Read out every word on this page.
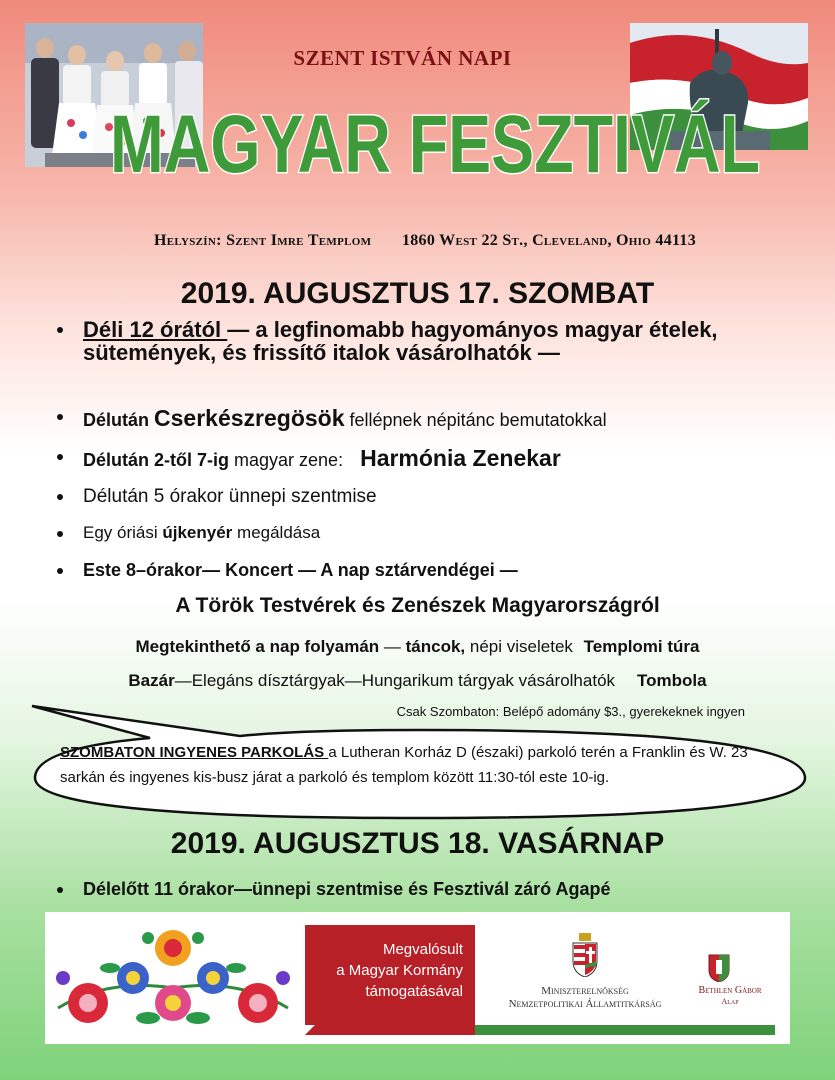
SZENT ISTVÁN NAPI
MAGYAR FESZTIVÁL
Helyszín: Szent Imre Templom 1860 West 22 St., Cleveland, Ohio 44113
2019. AUGUSZTUS 17. SZOMBAT
Déli 12 órától — a legfinomabb hagyományos magyar ételek, sütemények, és frissítő italok vásárolhatók —
Délután Cserkészregösök fellépnek népitánc bemutatokkal
Délután 2-től 7-ig magyar zene: Harmónia Zenekar
Délután 5 órakor ünnepi szentmise
Egy óriási újkenyér megáldása
Este 8–órakor— Koncert — A nap sztárvendégei —
A Török Testvérek és Zenészek Magyarországról
Megtekinthető a nap folyamán — táncok, népi viseletek Templomi túra
Bazár—Elegáns dísztárgyak—Hungarikum tárgyak vásárolhatók Tombola
Csak Szombaton: Belépő adomány $3., gyerekeknek ingyen
SZOMBATON INGYENES PARKOLÁS a Lutheran Korház D (északi) parkoló terén a Franklin és W. 23 sarkán és ingyenes kis-busz járat a parkoló és templom között 11:30-tól este 10-ig.
2019. AUGUSZTUS 18. VASÁRNAP
Délelőtt 11 órakor—ünnepi szentmise és Fesztivál záró Agapé
Megvalósult
a Magyar Kormány
támogatásával	Miniszterelnökség
Nemzetpolitikai Államtitkárság
Bethlen Gábor
Alap
